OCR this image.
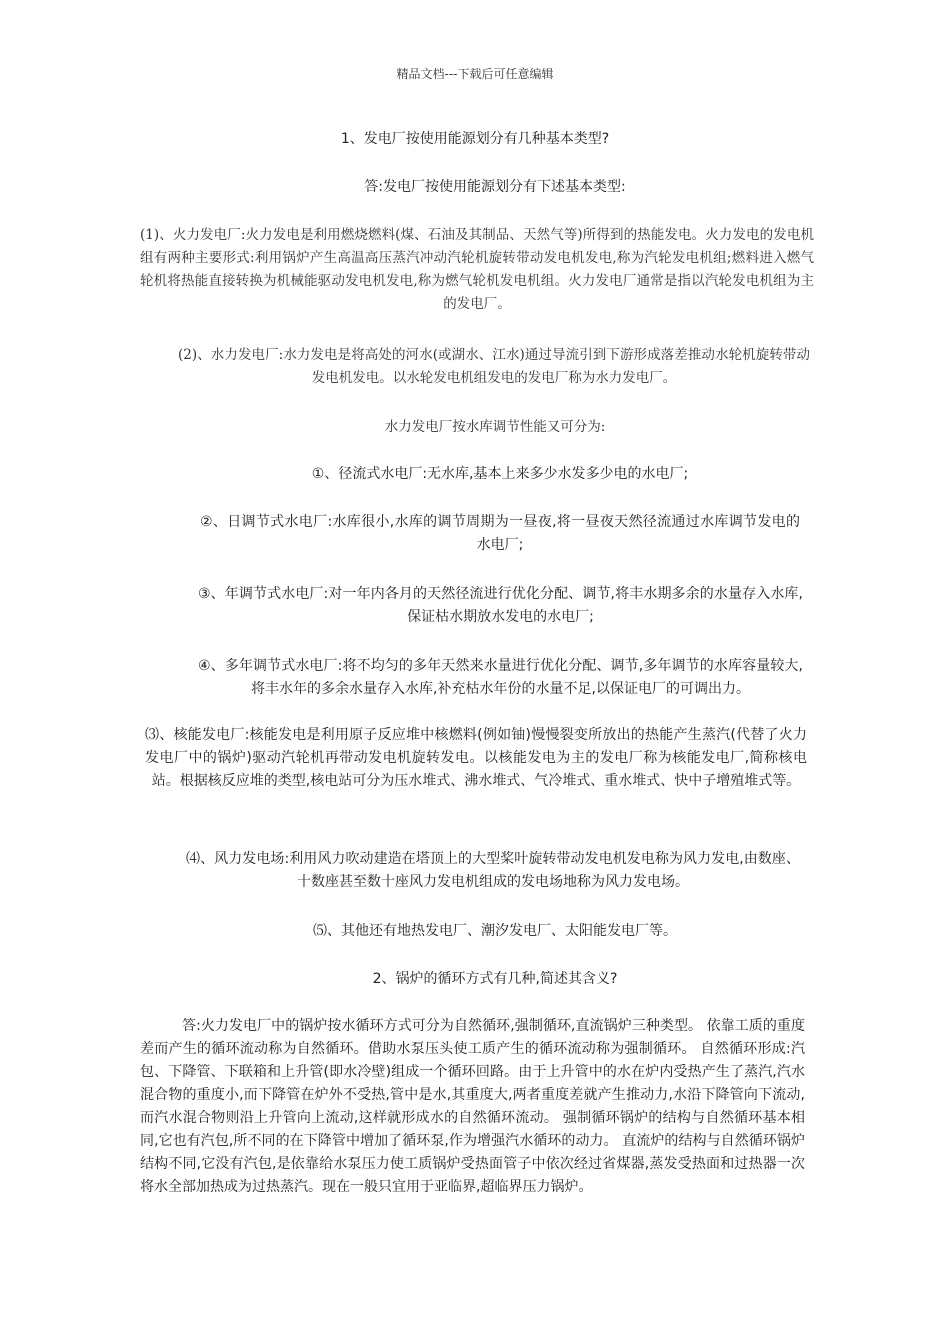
精品文档---下载后可任意编辑

1、发电厂按使用能源划分有几种基本类型?

答:发电厂按使用能源划分有下述基本类型:

(1)、火力发电厂:火力发电是利用燃烧燃料(煤、石油及其制品、天然气等)所得到的热能发电。火力发电的发电机组有两种主要形式:利用锅炉产生高温高压蒸汽冲动汽轮机旋转带动发电机发电,称为汽轮发电机组;燃料进入燃气轮机将热能直接转换为机械能驱动发电机发电,称为燃气轮机发电机组。火力发电厂通常是指以汽轮发电机组为主的发电厂。

(2)、水力发电厂:水力发电是将高处的河水(或湖水、江水)通过导流引到下游形成落差推动水轮机旋转带动发电机发电。以水轮发电机组发电的发电厂称为水力发电厂。

水力发电厂按水库调节性能又可分为:

①、径流式水电厂:无水库,基本上来多少水发多少电的水电厂;

②、日调节式水电厂:水库很小,水库的调节周期为一昼夜,将一昼夜天然径流通过水库调节发电的水电厂;

③、年调节式水电厂:对一年内各月的天然径流进行优化分配、调节,将丰水期多余的水量存入水库,保证枯水期放水发电的水电厂;

④、多年调节式水电厂:将不均匀的多年天然来水量进行优化分配、调节,多年调节的水库容量较大,将丰水年的多余水量存入水库,补充枯水年份的水量不足,以保证电厂的可调出力。

⑶、核能发电厂:核能发电是利用原子反应堆中核燃料(例如铀)慢慢裂变所放出的热能产生蒸汽(代替了火力发电厂中的锅炉)驱动汽轮机再带动发电机旋转发电。以核能发电为主的发电厂称为核能发电厂,简称核电站。根据核反应堆的类型,核电站可分为压水堆式、沸水堆式、气冷堆式、重水堆式、快中子增殖堆式等。

⑷、风力发电场:利用风力吹动建造在塔顶上的大型桨叶旋转带动发电机发电称为风力发电,由数座、十数座甚至数十座风力发电机组成的发电场地称为风力发电场。

⑸、其他还有地热发电厂、潮汐发电厂、太阳能发电厂等。

2、锅炉的循环方式有几种,简述其含义?

答:火力发电厂中的锅炉按水循环方式可分为自然循环,强制循环,直流锅炉三种类型。 依靠工质的重度差而产生的循环流动称为自然循环。借助水泵压头使工质产生的循环流动称为强制循环。 自然循环形成:汽包、下降管、下联箱和上升管(即水冷壁)组成一个循环回路。由于上升管中的水在炉内受热产生了蒸汽,汽水混合物的重度小,而下降管在炉外不受热,管中是水,其重度大,两者重度差就产生推动力,水沿下降管向下流动,而汽水混合物则沿上升管向上流动,这样就形成水的自然循环流动。 强制循环锅炉的结构与自然循环基本相同,它也有汽包,所不同的在下降管中增加了循环泵,作为增强汽水循环的动力。 直流炉的结构与自然循环锅炉结构不同,它没有汽包,是依靠给水泵压力使工质锅炉受热面管子中依次经过省煤器,蒸发受热面和过热器一次将水全部加热成为过热蒸汽。现在一般只宜用于亚临界,超临界压力锅炉。
